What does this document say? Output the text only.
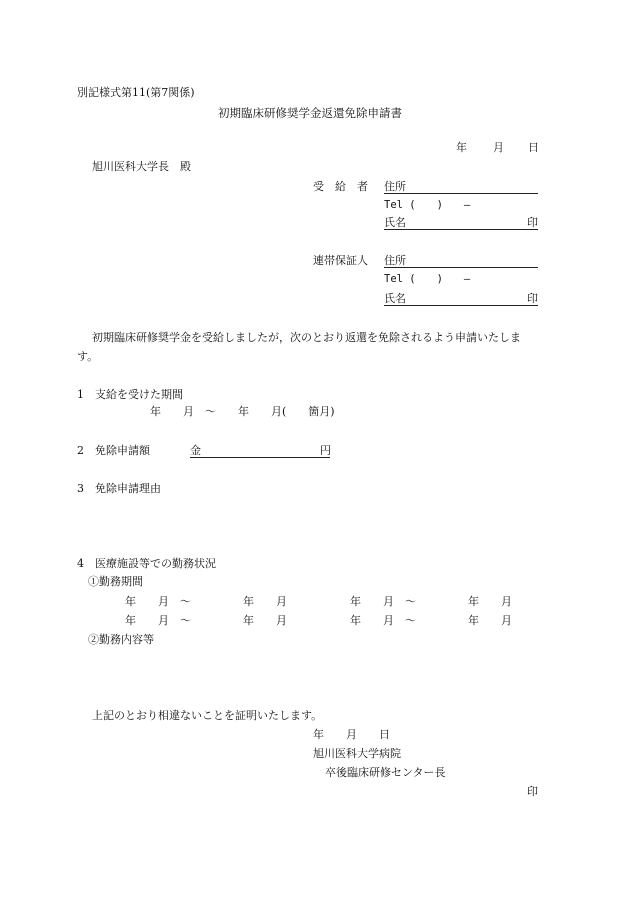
別記様式第11(第7関係)
初期臨床研修奨学金返還免除申請書
年 月 日
旭川医科大学長　殿
受　給　者 住所
Tel (　　)　　—
氏名	印
連帯保証人 住所
Tel (　　)　　—
氏名	印
初期臨床研修奨学金を受給しましたが，次のとおり返還を免除されるよう申請いたしま
す。
1　支給を受けた期間
年　　月　～　　年　　月(　　箇月)
2　免除申請額	金	円
3　免除申請理由
4　医療施設等での勤務状況
①勤務期間
年　　月　～	年　　月	年　　月　～	年　　月
年　　月　～	年　　月	年　　月　～	年　　月
②勤務内容等
上記のとおり相違ないことを証明いたします。
年　　月　　日
旭川医科大学病院
卒後臨床研修センター長
印
